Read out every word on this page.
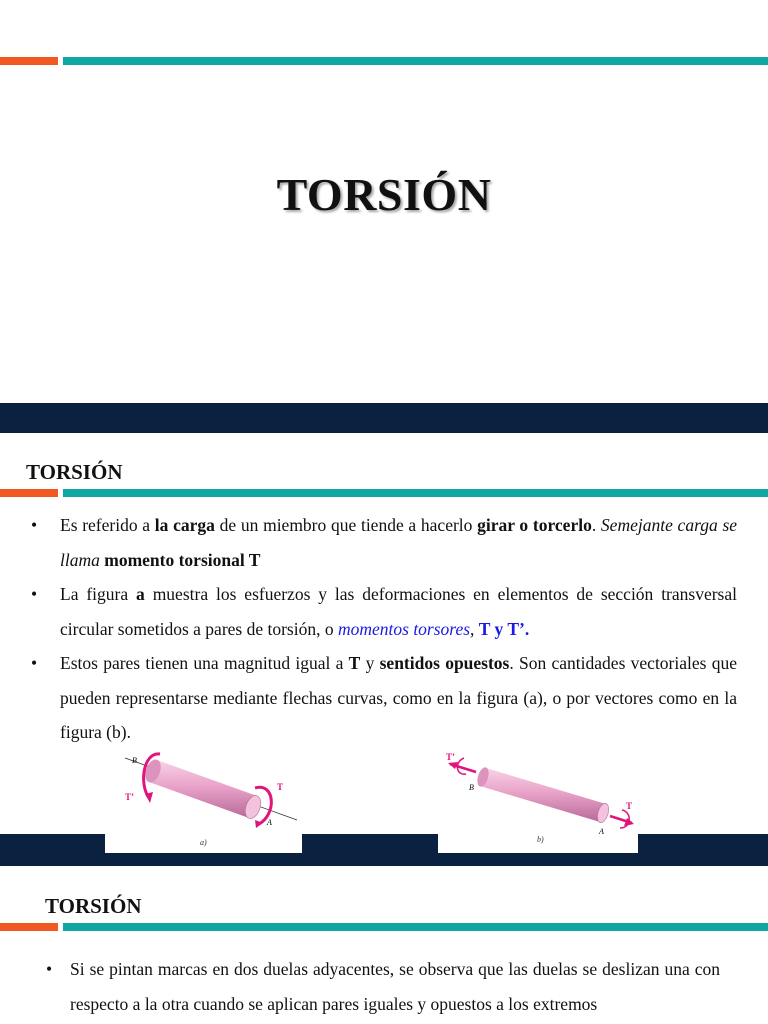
TORSIÓN
TORSIÓN
• Es referido a la carga de un miembro que tiende a hacerlo girar o torcerlo. Semejante carga se llama momento torsional T
• La figura a muestra los esfuerzos y las deformaciones en elementos de sección transversal circular sometidos a pares de torsión, o momentos torsores, T y T’.
• Estos pares tienen una magnitud igual a T y sentidos opuestos. Son cantidades vectoriales que pueden representarse mediante flechas curvas, como en la figura (a), o por vectores como en la figura (b).
B
A
T
T’
a)
B
A
T
T’
b)
TORSIÓN
• Si se pintan marcas en dos duelas adyacentes, se observa que las duelas se deslizan una con respecto a la otra cuando se aplican pares iguales y opuestos a los extremos
